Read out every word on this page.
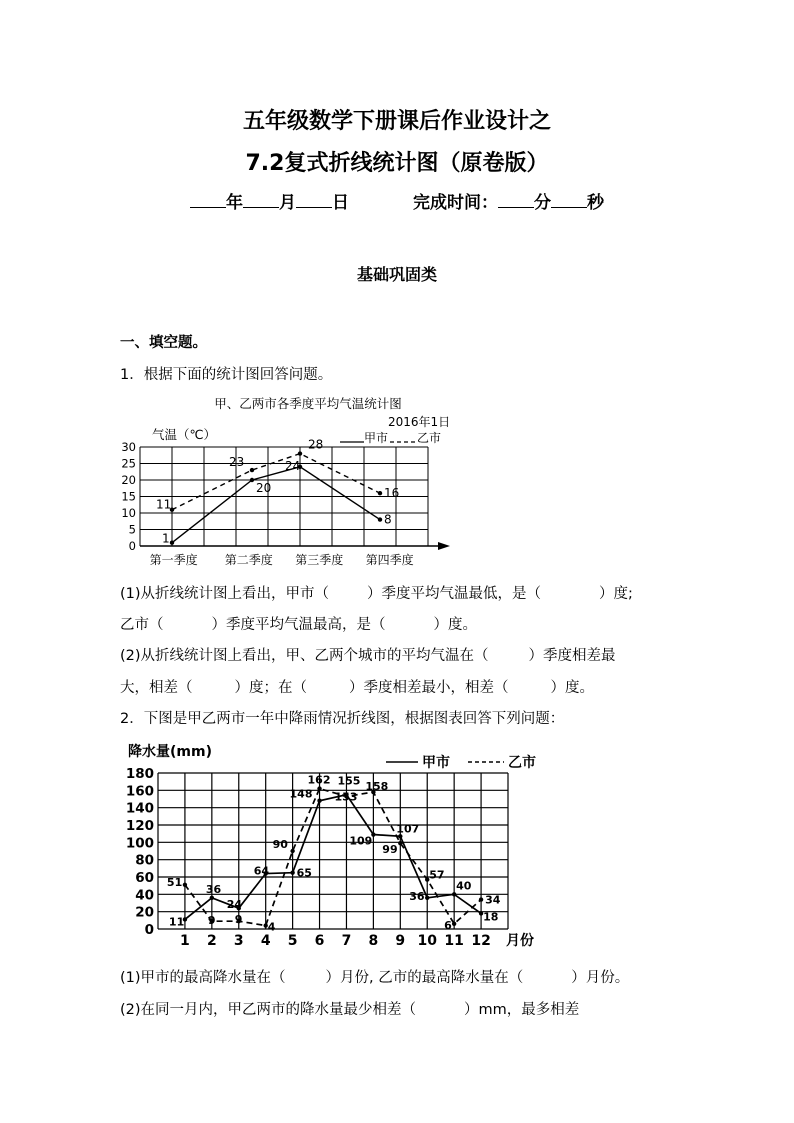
五年级数学下册课后作业设计之
7.2复式折线统计图（原卷版）
年 月 日	完成时间： 分 秒
基础巩固类
一、填空题。
1．根据下面的统计图回答问题。
甲、乙两市各季度平均气温统计图
2016年1日
气温（℃）	甲市 乙市
0
5
10
15
20
25
30
第一季度 第二季度 第三季度 第四季度
1
20
24
8
11
23
28
16
(1)从折线统计图上看出，甲市（	）季度平均气温最低，是（	）度;
乙市（	）季度平均气温最高，是（	）度。
(2)从折线统计图上看出，甲、乙两个城市的平均气温在（	）季度相差最
大，相差（	）度；在（	）季度相差最小，相差（	）度。
2．下图是甲乙两市一年中降雨情况折线图，根据图表回答下列问题：
降水量(mm)
甲市	乙市
0
20
40
60
80
100
120
140
160
180
1 2 3 4 5 6 7 8 9 10 11 12 月份
11
36
24
64	65
148
155
109
107
36
40
18
51
9 9
4
90
162
153
158
99
57
6
34
(1)甲市的最高降水量在（	）月份, 乙市的最高降水量在（	）月份。
(2)在同一月内，甲乙两市的降水量最少相差（	）mm，最多相差
